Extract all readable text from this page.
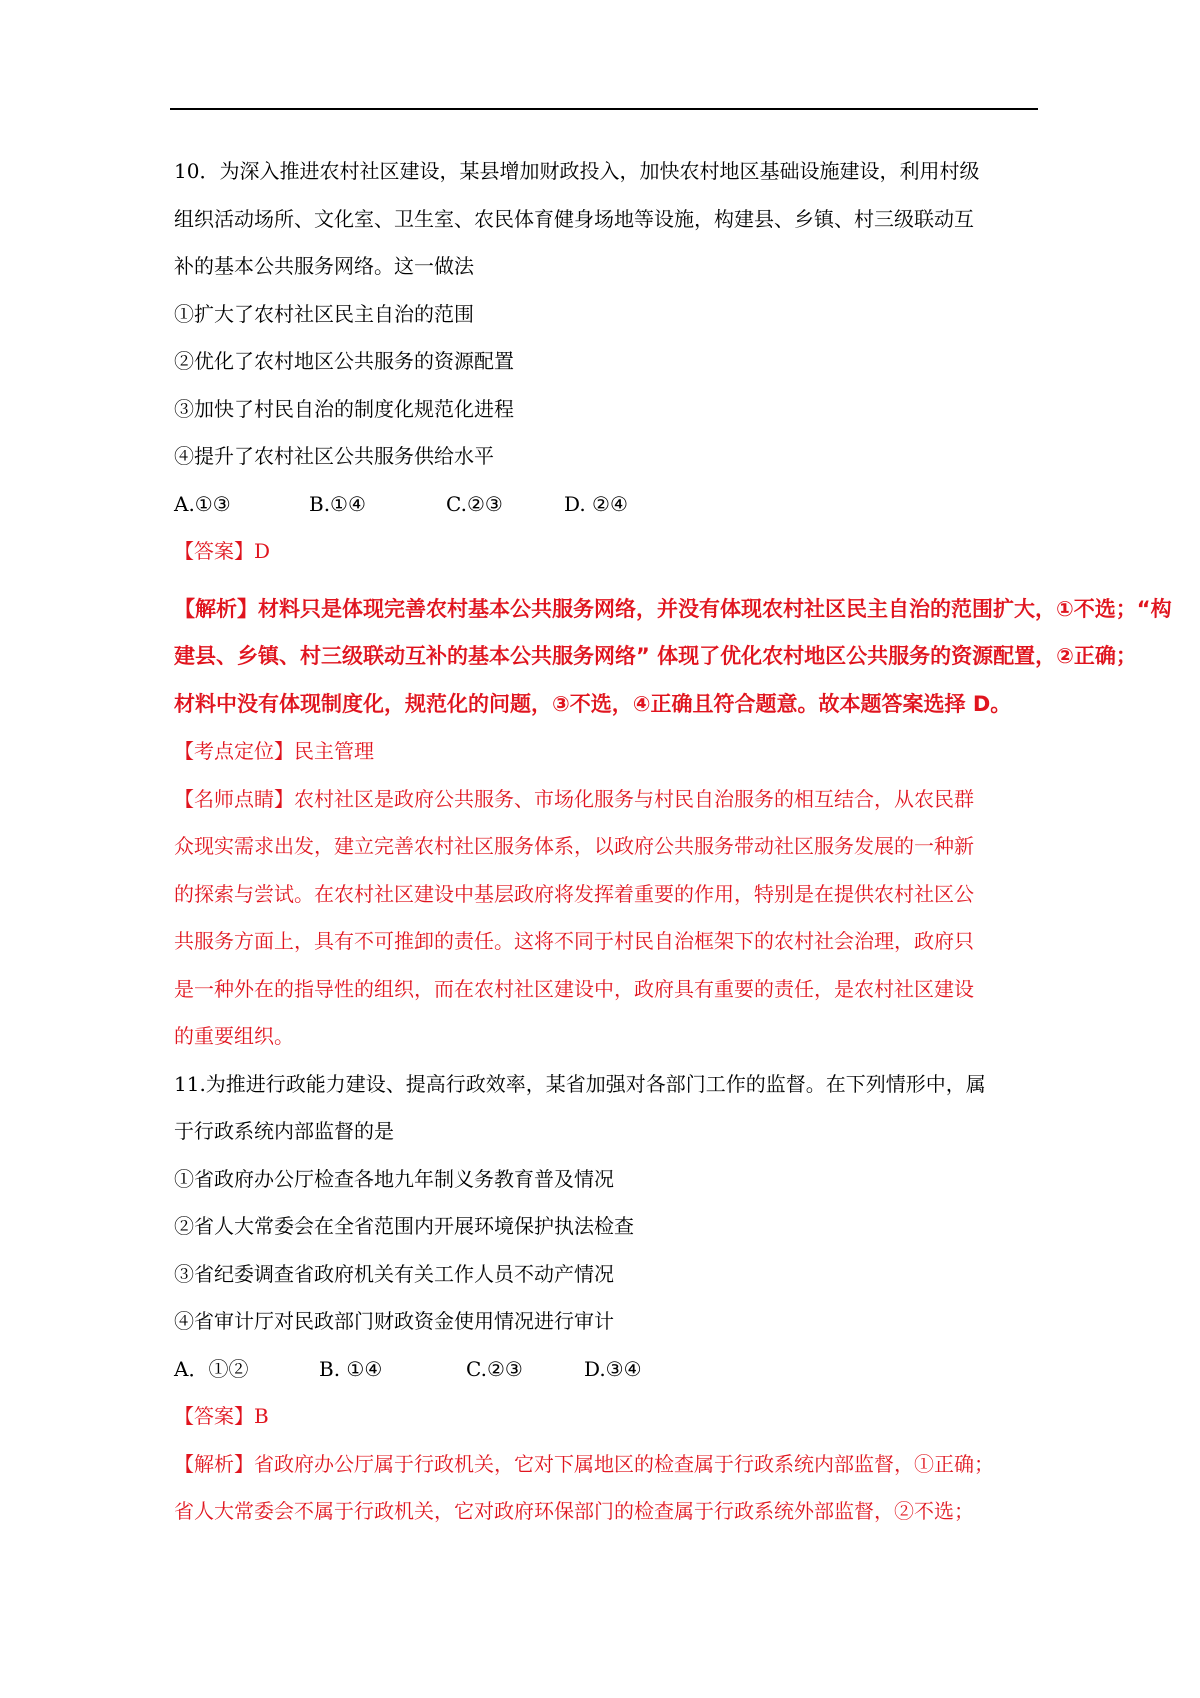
10．为深入推进农村社区建设，某县增加财政投入，加快农村地区基础设施建设，利用村级
组织活动场所、文化室、卫生室、农民体育健身场地等设施，构建县、乡镇、村三级联动互
补的基本公共服务网络。这一做法
①扩大了农村社区民主自治的范围
②优化了农村地区公共服务的资源配置
③加快了村民自治的制度化规范化进程
④提升了农村社区公共服务供给水平
A.①③	B.①④	C.②③	D. ②④
【答案】D
【解析】材料只是体现完善农村基本公共服务网络，并没有体现农村社区民主自治的范围扩大，①不选；“构
建县、乡镇、村三级联动互补的基本公共服务网络” 体现了优化农村地区公共服务的资源配置，②正确；
材料中没有体现制度化，规范化的问题，③不选，④正确且符合题意。故本题答案选择 D。
【考点定位】民主管理
【名师点睛】农村社区是政府公共服务、市场化服务与村民自治服务的相互结合，从农民群
众现实需求出发，建立完善农村社区服务体系，以政府公共服务带动社区服务发展的一种新
的探索与尝试。在农村社区建设中基层政府将发挥着重要的作用，特别是在提供农村社区公
共服务方面上，具有不可推卸的责任。这将不同于村民自治框架下的农村社会治理，政府只
是一种外在的指导性的组织，而在农村社区建设中，政府具有重要的责任，是农村社区建设
的重要组织。
11.为推进行政能力建设、提高行政效率，某省加强对各部门工作的监督。在下列情形中，属
于行政系统内部监督的是
①省政府办公厅检查各地九年制义务教育普及情况
②省人大常委会在全省范围内开展环境保护执法检查
③省纪委调查省政府机关有关工作人员不动产情况
④省审计厅对民政部门财政资金使用情况进行审计
A．①②	B. ①④	C.②③	D.③④
【答案】B
【解析】省政府办公厅属于行政机关，它对下属地区的检查属于行政系统内部监督，①正确；
省人大常委会不属于行政机关，它对政府环保部门的检查属于行政系统外部监督，②不选；
